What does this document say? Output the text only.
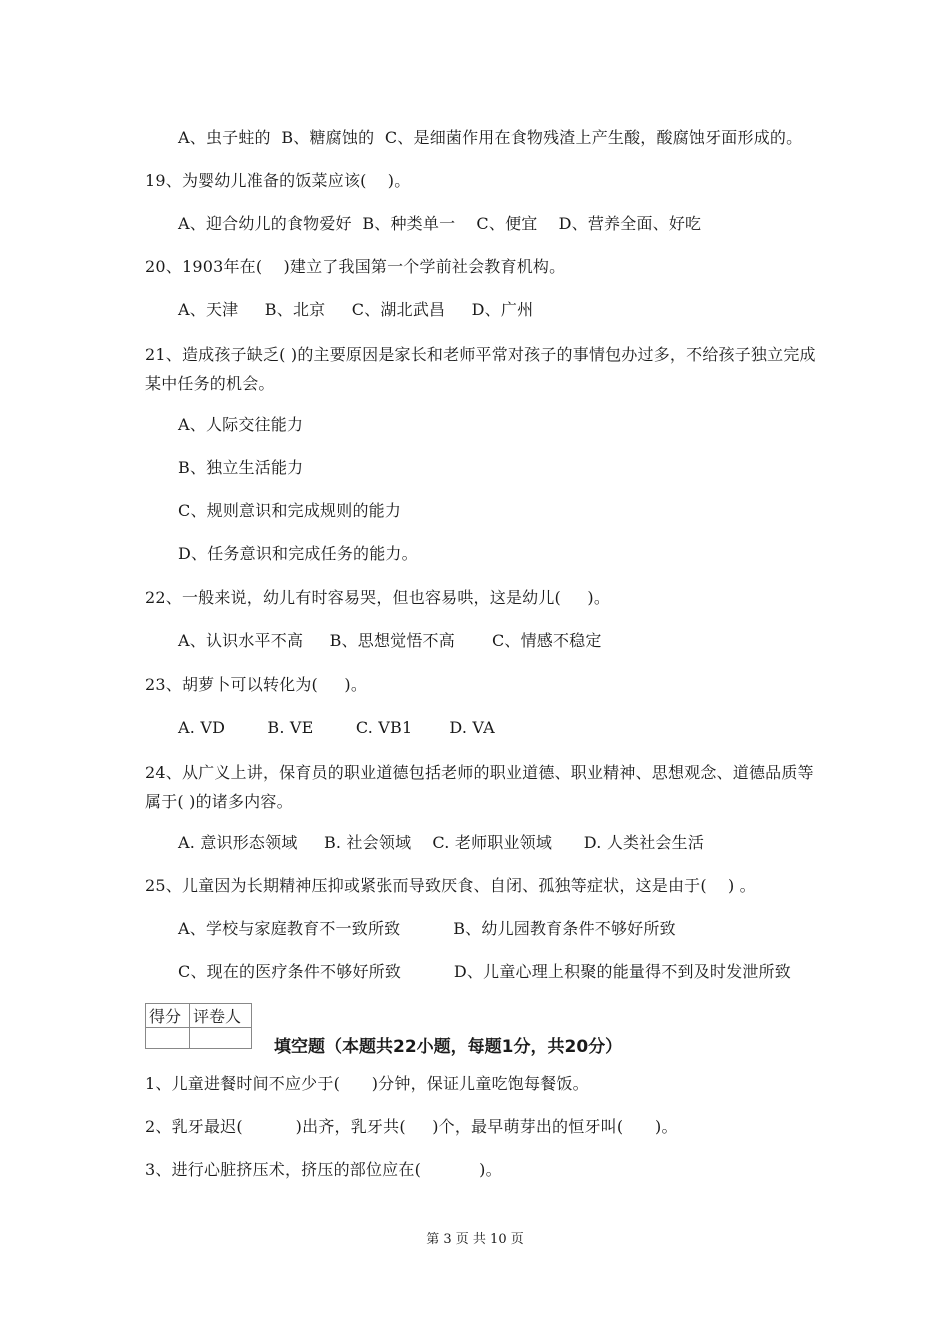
A、虫子蛀的  B、糖腐蚀的  C、是细菌作用在食物残渣上产生酸，酸腐蚀牙面形成的。
19、为婴幼儿准备的饭菜应该(    )。
A、迎合幼儿的食物爱好  B、种类单一    C、便宜    D、营养全面、好吃
20、1903年在(    )建立了我国第一个学前社会教育机构。
A、天津     B、北京     C、湖北武昌     D、广州
21、造成孩子缺乏( )的主要原因是家长和老师平常对孩子的事情包办过多，不给孩子独立完成某中任务的机会。
A、人际交往能力
B、独立生活能力
C、规则意识和完成规则的能力
D、任务意识和完成任务的能力。
22、一般来说，幼儿有时容易哭，但也容易哄，这是幼儿(     )。
A、认识水平不高     B、思想觉悟不高       C、情感不稳定
23、胡萝卜可以转化为(     )。
A. VD        B. VE        C. VB1       D. VA
24、从广义上讲，保育员的职业道德包括老师的职业道德、职业精神、思想观念、道德品质等属于( )的诸多内容。
A. 意识形态领域     B. 社会领域    C. 老师职业领域      D. 人类社会生活
25、儿童因为长期精神压抑或紧张而导致厌食、自闭、孤独等症状，这是由于(    ) 。
A、学校与家庭教育不一致所致          B、幼儿园教育条件不够好所致
C、现在的医疗条件不够好所致          D、儿童心理上积聚的能量得不到及时发泄所致
得分	评卷人

填空题（本题共22小题，每题1分，共20分）
1、儿童进餐时间不应少于(      )分钟，保证儿童吃饱每餐饭。
2、乳牙最迟(          )出齐，乳牙共(     )个，最早萌芽出的恒牙叫(      )。
3、进行心脏挤压术，挤压的部位应在(           )。
第 3 页 共 10 页
